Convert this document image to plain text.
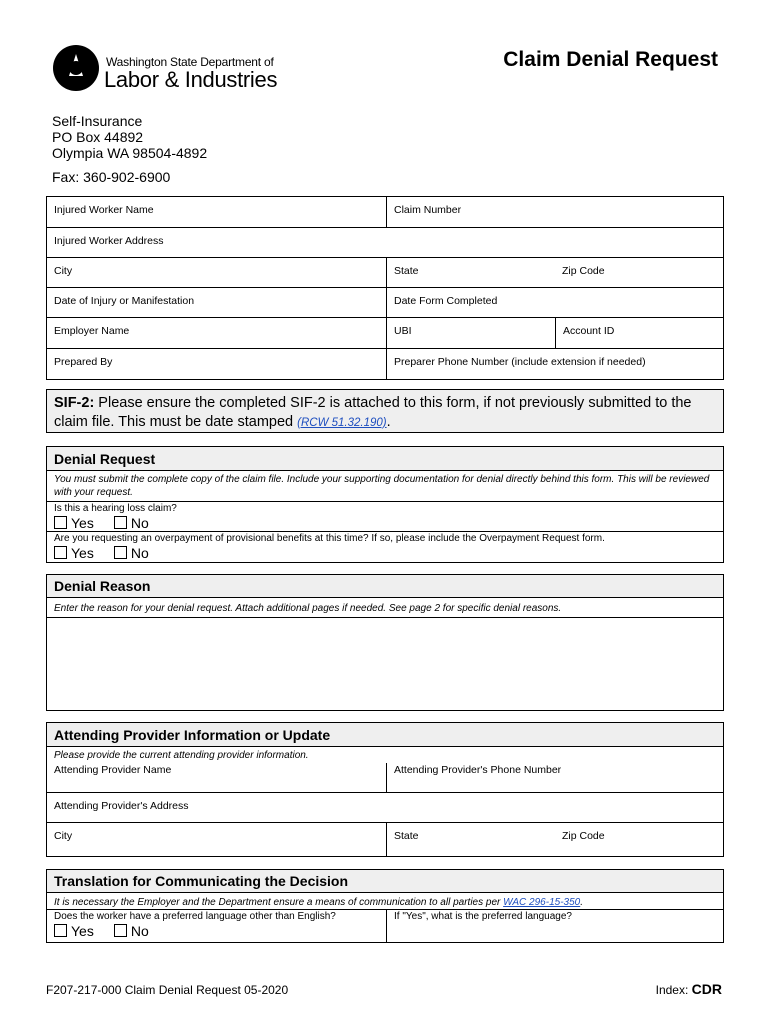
Washington State Department of
Labor & Industries
Claim Denial Request
Self-Insurance
PO Box 44892
Olympia WA 98504-4892
Fax: 360-902-6900
Injured Worker Name	Claim Number
Injured Worker Address
City	State	Zip Code
Date of Injury or Manifestation	Date Form Completed
Employer Name	UBI	Account ID
Prepared By	Preparer Phone Number (include extension if needed)
SIF-2: Please ensure the completed SIF-2 is attached to this form, if not previously submitted to the claim file. This must be date stamped (RCW 51.32.190).
Denial Request
You must submit the complete copy of the claim file. Include your supporting documentation for denial directly behind this form. This will be reviewed with your request.
Is this a hearing loss claim?
Yes	No
Are you requesting an overpayment of provisional benefits at this time? If so, please include the Overpayment Request form.
Yes	No
Denial Reason
Enter the reason for your denial request. Attach additional pages if needed. See page 2 for specific denial reasons.
Attending Provider Information or Update
Please provide the current attending provider information.
Attending Provider Name	Attending Provider's Phone Number
Attending Provider's Address
City	State	Zip Code
Translation for Communicating the Decision
It is necessary the Employer and the Department ensure a means of communication to all parties per WAC 296-15-350.
Does the worker have a preferred language other than English?
Yes	No
If "Yes", what is the preferred language?
F207-217-000 Claim Denial Request 05-2020	Index: CDR
